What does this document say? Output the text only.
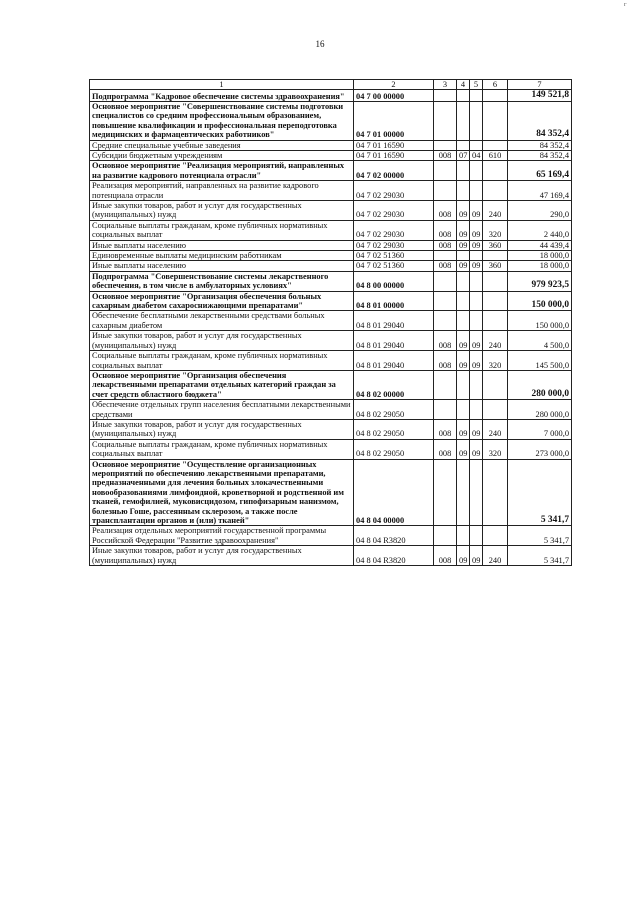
16
г
1	2	3	4	5	6	7
Подпрограмма "Кадровое обеспечение системы здравоохранения"	04 7 00 00000					149 521,8
Основное мероприятие "Совершенствование системы подготовки специалистов со средним профессиональным образованием, повышение квалификации и профессиональная переподготовка медицинских и фармацевтических работников"	04 7 01 00000					84 352,4
Средние специальные учебные заведения	04 7 01 16590					84 352,4
Субсидии бюджетным учреждениям	04 7 01 16590	008	07	04	610	84 352,4
Основное мероприятие "Реализация мероприятий, направленных на развитие кадрового потенциала отрасли"	04 7 02 00000					65 169,4
Реализация мероприятий, направленных на развитие кадрового потенциала отрасли	04 7 02 29030					47 169,4
Иные закупки товаров, работ и услуг для государственных (муниципальных) нужд	04 7 02 29030	008	09	09	240	290,0
Социальные выплаты гражданам, кроме публичных нормативных социальных выплат	04 7 02 29030	008	09	09	320	2 440,0
Иные выплаты населению	04 7 02 29030	008	09	09	360	44 439,4
Единовременные выплаты медицинским работникам	04 7 02 51360					18 000,0
Иные выплаты населению	04 7 02 51360	008	09	09	360	18 000,0
Подпрограмма "Совершенствование системы лекарственного обеспечения, в том числе в амбулаторных условиях"	04 8 00 00000					979 923,5
Основное мероприятие "Организация обеспечения больных сахарным диабетом сахароснижающими препаратами"	04 8 01 00000					150 000,0
Обеспечение бесплатными лекарственными средствами больных сахарным диабетом	04 8 01 29040					150 000,0
Иные закупки товаров, работ и услуг для государственных (муниципальных) нужд	04 8 01 29040	008	09	09	240	4 500,0
Социальные выплаты гражданам, кроме публичных нормативных социальных выплат	04 8 01 29040	008	09	09	320	145 500,0
Основное мероприятие "Организация обеспечения лекарственными препаратами отдельных категорий граждан за счет средств областного бюджета"	04 8 02 00000					280 000,0
Обеспечение отдельных групп населения бесплатными лекарственными средствами	04 8 02 29050					280 000,0
Иные закупки товаров, работ и услуг для государственных (муниципальных) нужд	04 8 02 29050	008	09	09	240	7 000,0
Социальные выплаты гражданам, кроме публичных нормативных социальных выплат	04 8 02 29050	008	09	09	320	273 000,0
Основное мероприятие "Осуществление организационных мероприятий по обеспечению лекарственными препаратами, предназначенными для лечения больных злокачественными новообразованиями лимфоидной, кроветворной и родственной им тканей, гемофилией, муковисцидозом, гипофизарным нанизмом, болезнью Гоше, рассеянным склерозом, а также после трансплантации органов и (или) тканей"	04 8 04 00000					5 341,7
Реализация отдельных мероприятий государственной программы Российской Федерации "Развитие здравоохранения"	04 8 04 R3820					5 341,7
Иные закупки товаров, работ и услуг для государственных (муниципальных) нужд	04 8 04 R3820	008	09	09	240	5 341,7
